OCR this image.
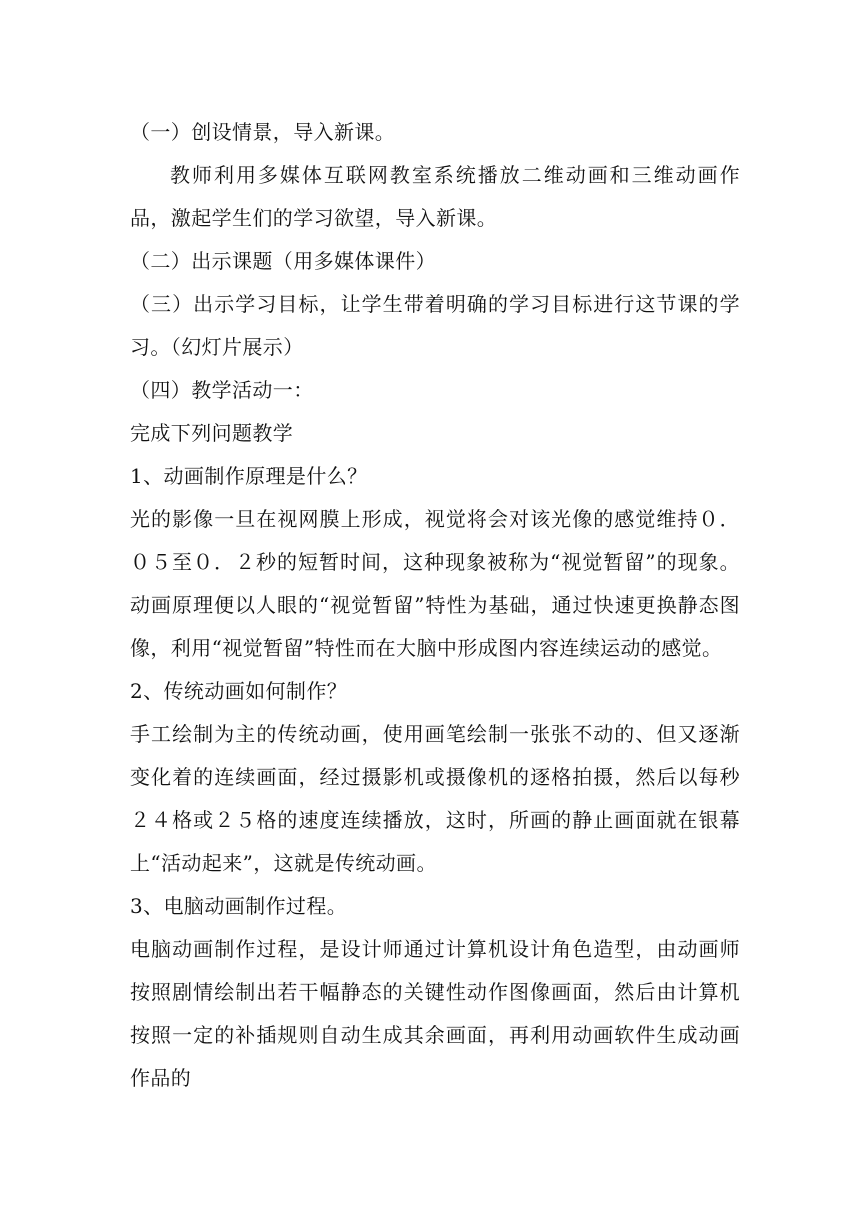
（一）创设情景，导入新课。

教师利用多媒体互联网教室系统播放二维动画和三维动画作品，激起学生们的学习欲望，导入新课。

（二）出示课题（用多媒体课件）

（三）出示学习目标，让学生带着明确的学习目标进行这节课的学习。（幻灯片展示）

（四）教学活动一：

完成下列问题教学

1、动画制作原理是什么？

光的影像一旦在视网膜上形成，视觉将会对该光像的感觉维持０．０５至０．２秒的短暂时间，这种现象被称为“视觉暂留”的现象。动画原理便以人眼的“视觉暂留”特性为基础，通过快速更换静态图像，利用“视觉暂留”特性而在大脑中形成图内容连续运动的感觉。

2、传统动画如何制作？

手工绘制为主的传统动画，使用画笔绘制一张张不动的、但又逐渐变化着的连续画面，经过摄影机或摄像机的逐格拍摄，然后以每秒２４格或２５格的速度连续播放，这时，所画的静止画面就在银幕上“活动起来”，这就是传统动画。

3、电脑动画制作过程。

电脑动画制作过程，是设计师通过计算机设计角色造型，由动画师按照剧情绘制出若干幅静态的关键性动作图像画面，然后由计算机按照一定的补插规则自动生成其余画面，再利用动画软件生成动画作品的
